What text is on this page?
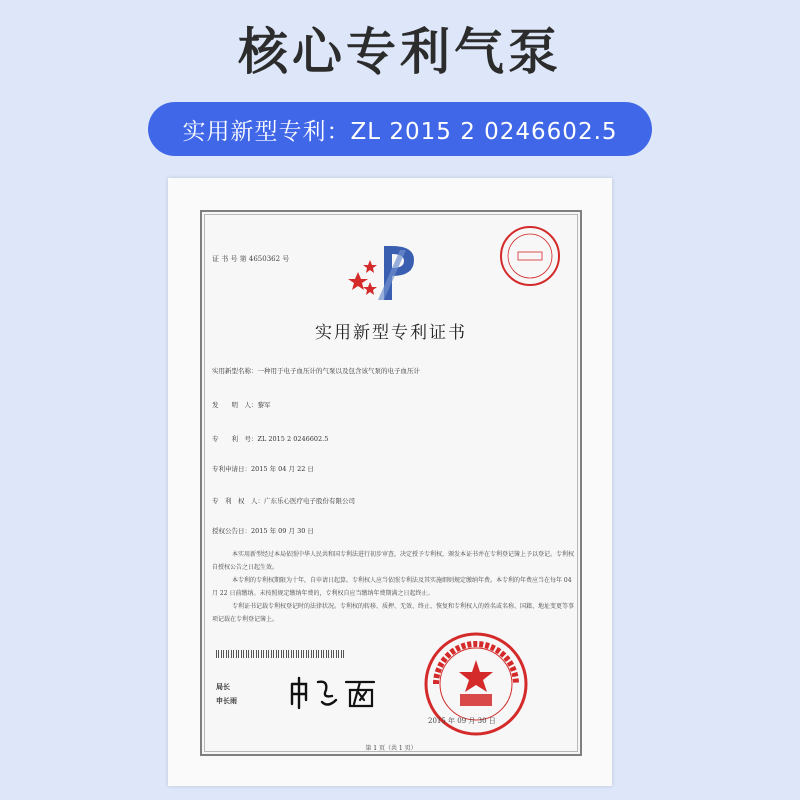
核心专利气泵
实用新型专利：ZL 2015 2 0246602.5
证 书 号 第 4650362 号
实用新型专利证书
实用新型名称：一种用于电子血压计的气泵以及包含该气泵的电子血压计
发　　明　人：黎军
专　　利　号：ZL 2015 2 0246602.5
专利申请日：2015 年 04 月 22 日
专　利　权　人：广东乐心医疗电子股份有限公司
授权公告日：2015 年 09 月 30 日

本实用新型经过本局依照中华人民共和国专利法进行初步审查，决定授予专利权，颁发本证书并在专利登记簿上予以登记。专利权自授权公告之日起生效。

本专利的专利权期限为十年，自申请日起算。专利权人应当依照专利法及其实施细则规定缴纳年费。本专利的年费应当在每年 04 月 22 日前缴纳。未按照规定缴纳年费的，专利权自应当缴纳年费期满之日起终止。

专利证书记载专利权登记时的法律状况。专利权的转移、质押、无效、终止、恢复和专利权人的姓名或名称、国籍、地址变更等事项记载在专利登记簿上。

局长
申长雨
2015 年 09 月 30 日
第 1 页（共 1 页）
